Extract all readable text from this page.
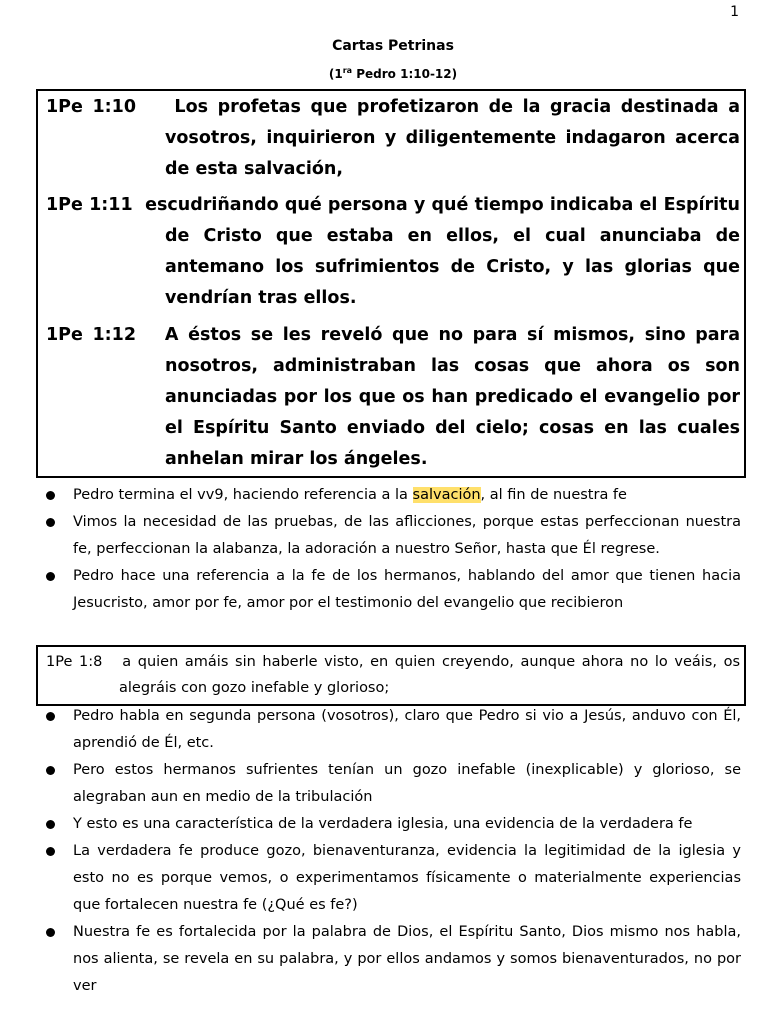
1
Cartas Petrinas
($1^{ra}$ Pedro 1:10-12)
1Pe 1:10 Los profetas que profetizaron de la gracia destinada a vosotros, inquirieron y diligentemente indagaron acerca de esta salvación,
1Pe 1:11 escudriñando qué persona y qué tiempo indicaba el Espíritu de Cristo que estaba en ellos, el cual anunciaba de antemano los sufrimientos de Cristo, y las glorias que vendrían tras ellos.
1Pe 1:12 A éstos se les reveló que no para sí mismos, sino para nosotros, administraban las cosas que ahora os son anunciadas por los que os han predicado el evangelio por el Espíritu Santo enviado del cielo; cosas en las cuales anhelan mirar los ángeles.
Pedro termina el vv9, haciendo referencia a la salvación, al fin de nuestra fe
Vimos la necesidad de las pruebas, de las aflicciones, porque estas perfeccionan nuestra fe, perfeccionan la alabanza, la adoración a nuestro Señor, hasta que Él regrese.
Pedro hace una referencia a la fe de los hermanos, hablando del amor que tienen hacia Jesucristo, amor por fe, amor por el testimonio del evangelio que recibieron
1Pe 1:8 a quien amáis sin haberle visto, en quien creyendo, aunque ahora no lo veáis, os alegráis con gozo inefable y glorioso;
Pedro habla en segunda persona (vosotros), claro que Pedro si vio a Jesús, anduvo con Él, aprendió de Él, etc.
Pero estos hermanos sufrientes tenían un gozo inefable (inexplicable) y glorioso, se alegraban aun en medio de la tribulación
Y esto es una característica de la verdadera iglesia, una evidencia de la verdadera fe
La verdadera fe produce gozo, bienaventuranza, evidencia la legitimidad de la iglesia y esto no es porque vemos, o experimentamos físicamente o materialmente experiencias que fortalecen nuestra fe (¿Qué es fe?)
Nuestra fe es fortalecida por la palabra de Dios, el Espíritu Santo, Dios mismo nos habla, nos alienta, se revela en su palabra, y por ellos andamos y somos bienaventurados, no por ver
